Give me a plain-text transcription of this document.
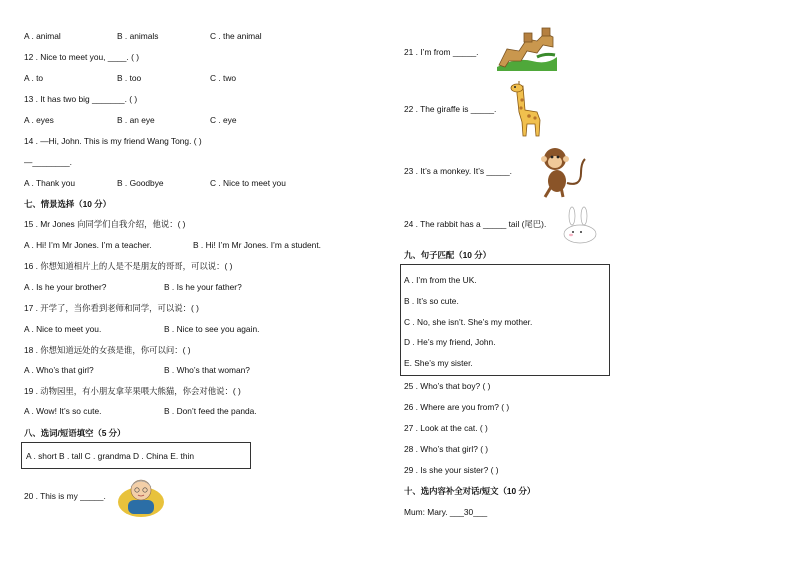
A . animal	B . animals	C . the animal
12 . Nice to meet you, ____. ( )
A . to	B . too	C . two
13 . It has two big _______. ( )
A . eyes	B . an eye	C . eye
14 . —Hi, John. This is my friend Wang Tong. ( )
—________.
A . Thank you	B . Goodbye	C . Nice to meet you
七、情景选择（10 分）
15 . Mr Jones 向同学们自我介绍，他说：( )
A . Hi! I’m Mr Jones. I’m a teacher.	B . Hi! I’m Mr Jones. I’m a student.
16 . 你想知道相片上的人是不是朋友的哥哥，可以说：( )
A . Is he your brother?	B . Is he your father?
17 . 开学了，当你看到老师和同学，可以说：( )
A . Nice to meet you.	B . Nice to see you again.
18 . 你想知道远处的女孩是谁，你可以问：( )
A . Who’s that girl?	B . Who’s that woman?
19 . 动物园里，有小朋友拿苹果喂大熊猫，你会对他说：( )
A . Wow! It’s so cute.	B . Don’t feed the panda.
八、选词/短语填空（5 分）
A . short B . tall C . grandma D . China E. thin
20 . This is my _____.
21 . I’m from _____.
22 . The giraffe is _____.
23 . It’s a monkey. It’s _____.
24 . The rabbit has a _____ tail (尾巴).
九、句子匹配（10 分）
A . I’m from the UK.
B . It’s so cute.
C . No, she isn’t. She’s my mother.
D . He’s my friend, John.
E. She’s my sister.
25 . Who’s that boy? ( )
26 . Where are you from? ( )
27 . Look at the cat. ( )
28 . Who’s that girl? ( )
29 . Is she your sister? ( )
十、选内容补全对话/短文（10 分）
Mum: Mary. ___30___
